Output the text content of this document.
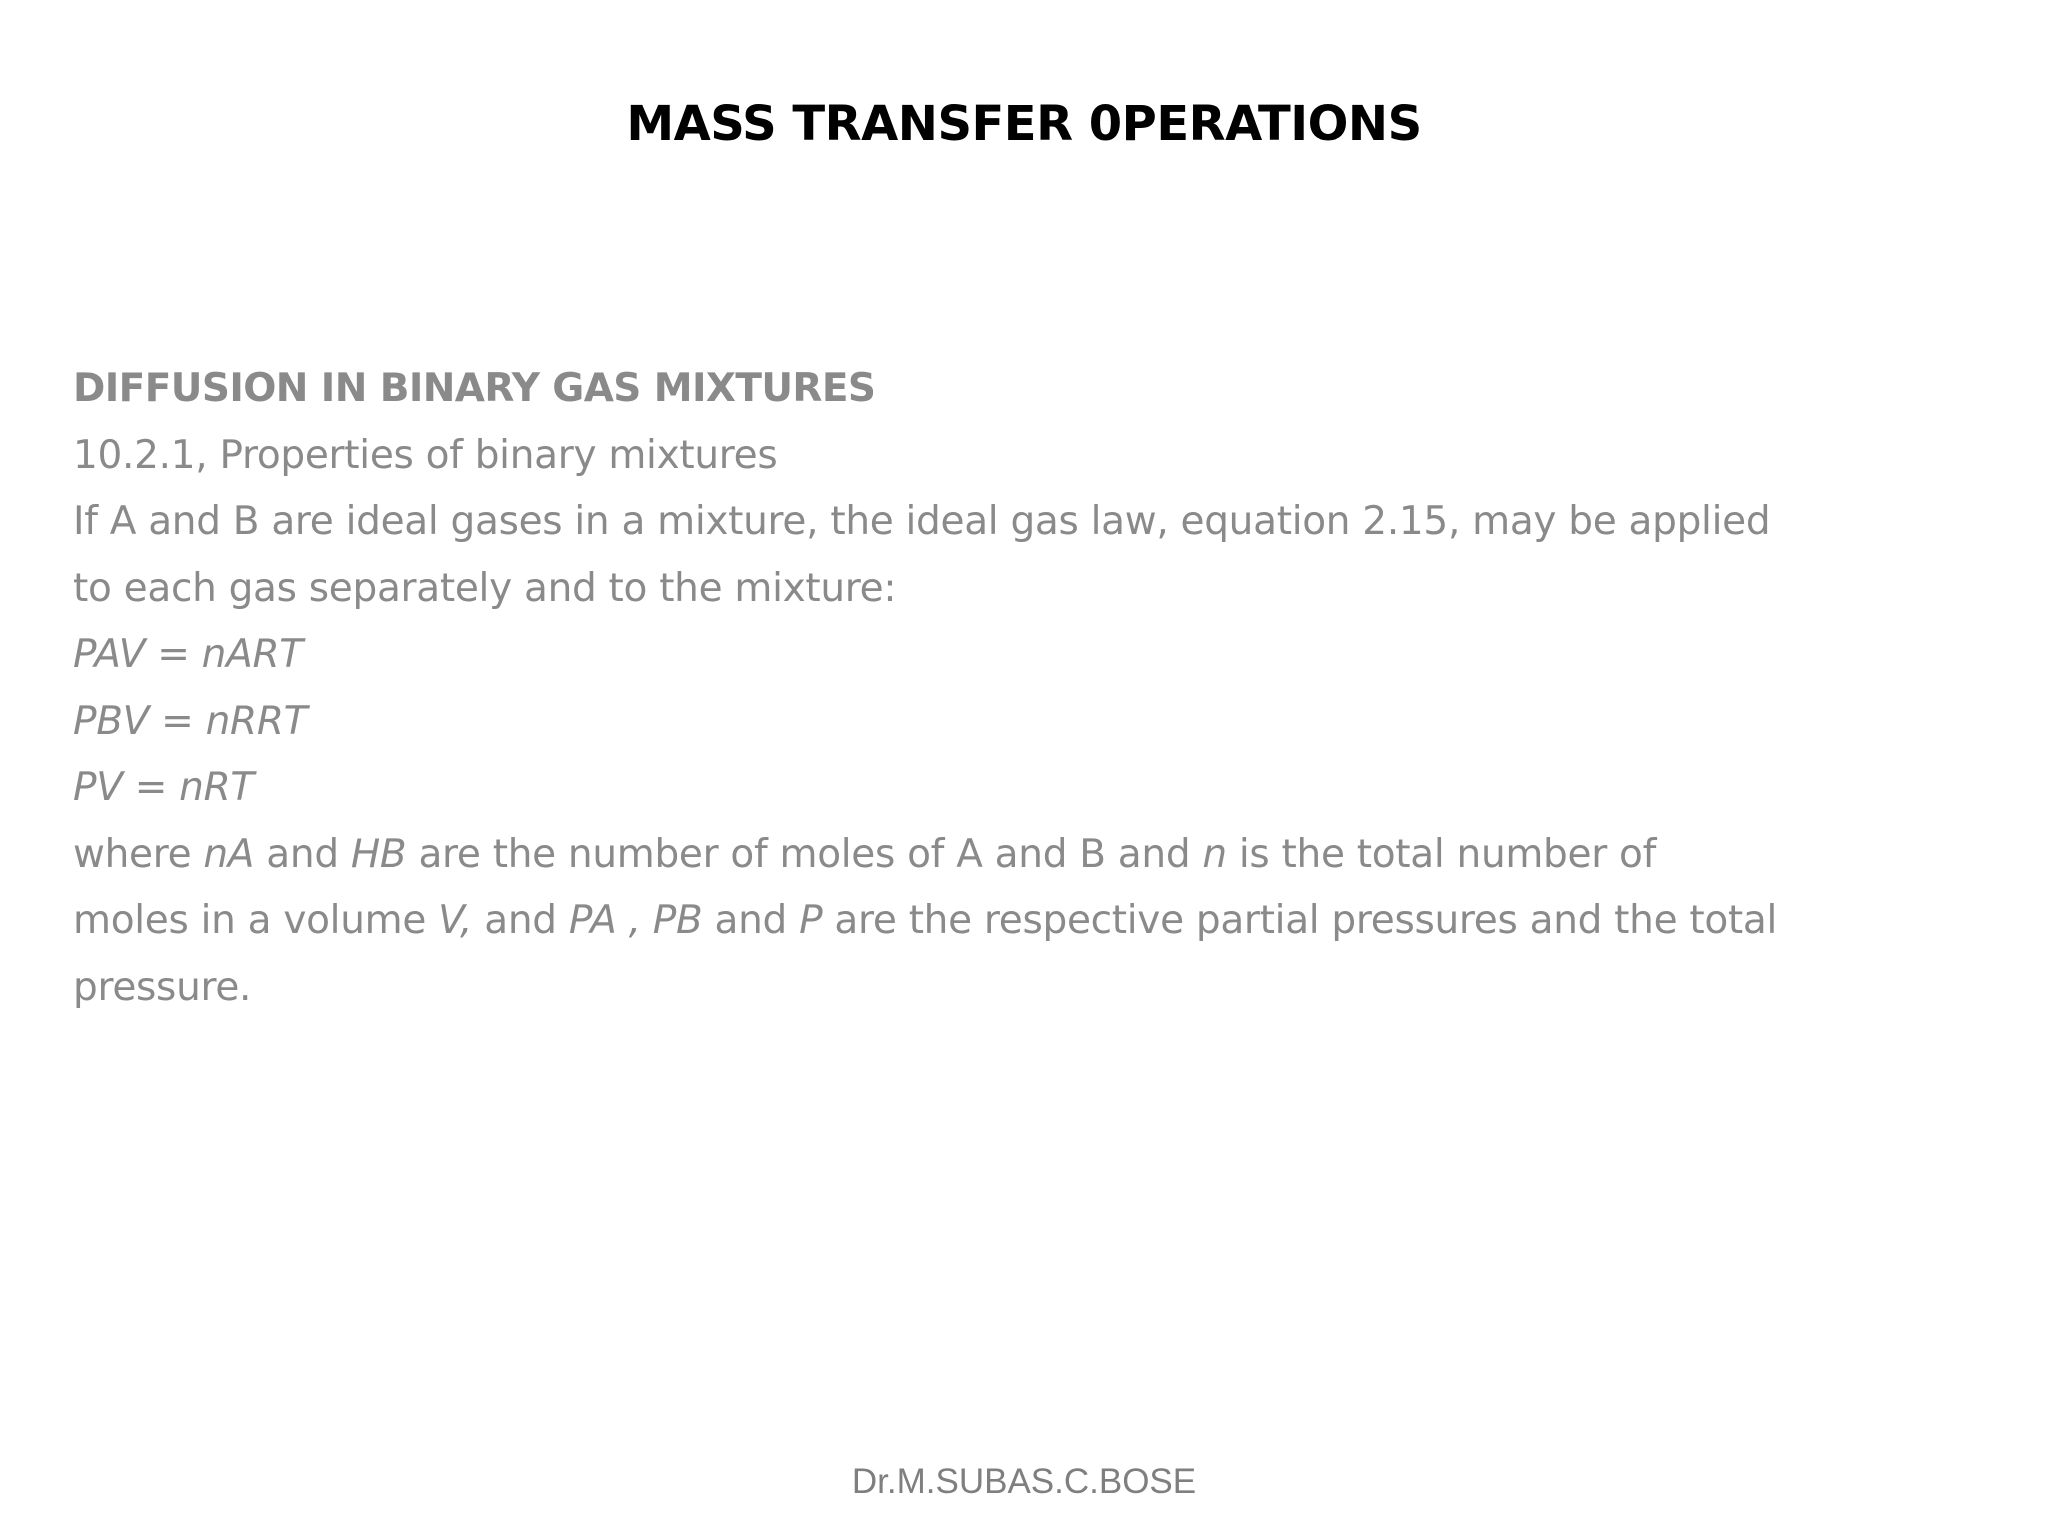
MASS TRANSFER 0PERATIONS
DIFFUSION IN BINARY GAS MIXTURES
10.2.1, Properties of binary mixtures
If A and B are ideal gases in a mixture, the ideal gas law, equation 2.15, may be applied
to each gas separately and to the mixture:
PAV = nART
PBV = nRRT
PV = nRT
where nA and HB are the number of moles of A and B and n is the total number of
moles in a volume V, and PA , PB and P are the respective partial pressures and the total
pressure.
Dr.M.SUBAS.C.BOSE
